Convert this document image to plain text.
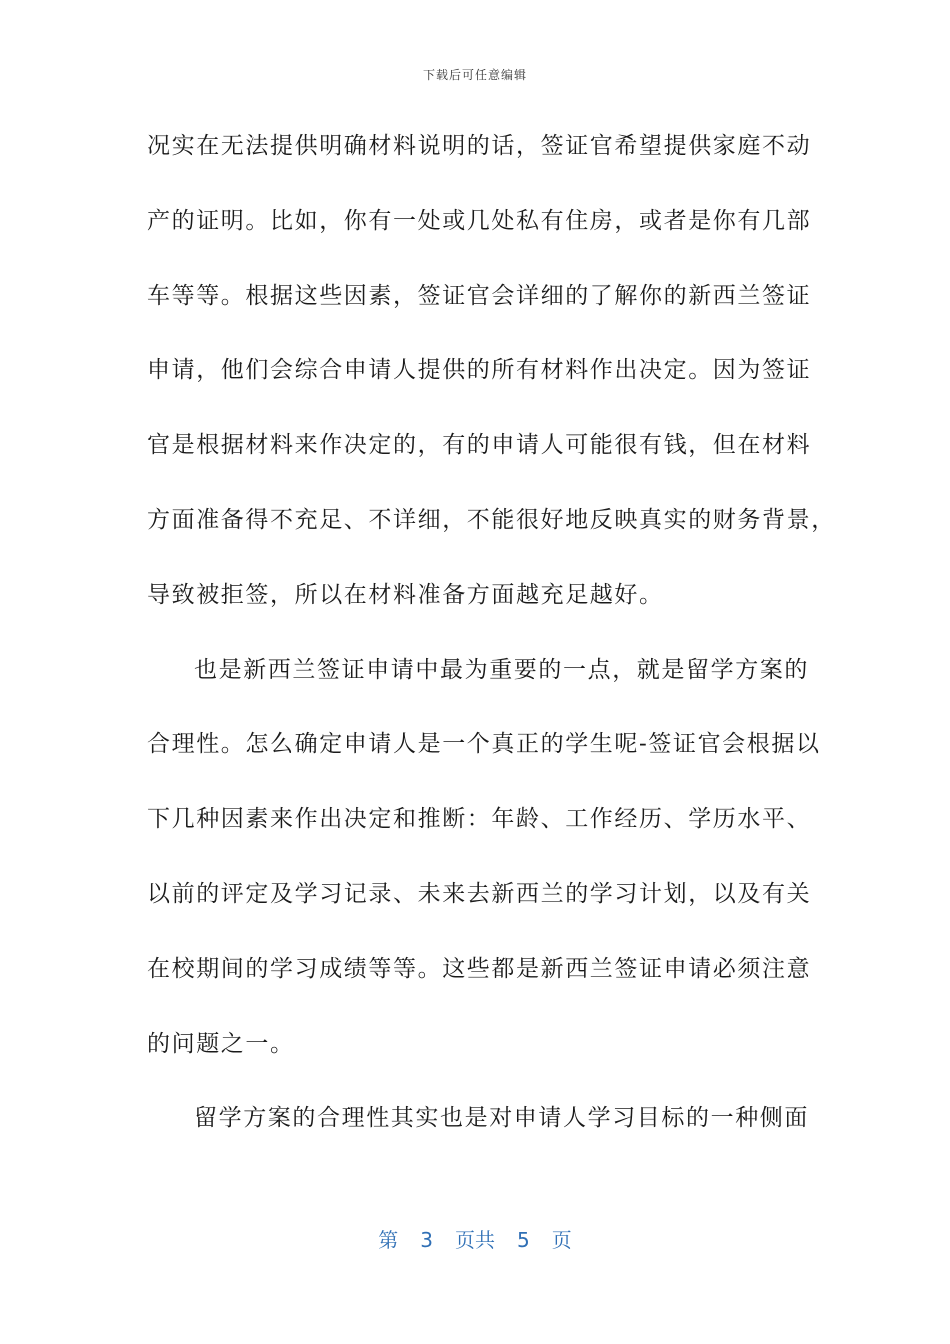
下载后可任意编辑
况实在无法提供明确材料说明的话，签证官希望提供家庭不动
产的证明。比如，你有一处或几处私有住房，或者是你有几部
车等等。根据这些因素，签证官会详细的了解你的新西兰签证
申请，他们会综合申请人提供的所有材料作出决定。因为签证
官是根据材料来作决定的，有的申请人可能很有钱，但在材料
方面准备得不充足、不详细，不能很好地反映真实的财务背景，
导致被拒签，所以在材料准备方面越充足越好。
也是新西兰签证申请中最为重要的一点，就是留学方案的
合理性。怎么确定申请人是一个真正的学生呢-签证官会根据以
下几种因素来作出决定和推断：年龄、工作经历、学历水平、
以前的评定及学习记录、未来去新西兰的学习计划，以及有关
在校期间的学习成绩等等。这些都是新西兰签证申请必须注意
的问题之一。
留学方案的合理性其实也是对申请人学习目标的一种侧面
第 3 页共 5 页
